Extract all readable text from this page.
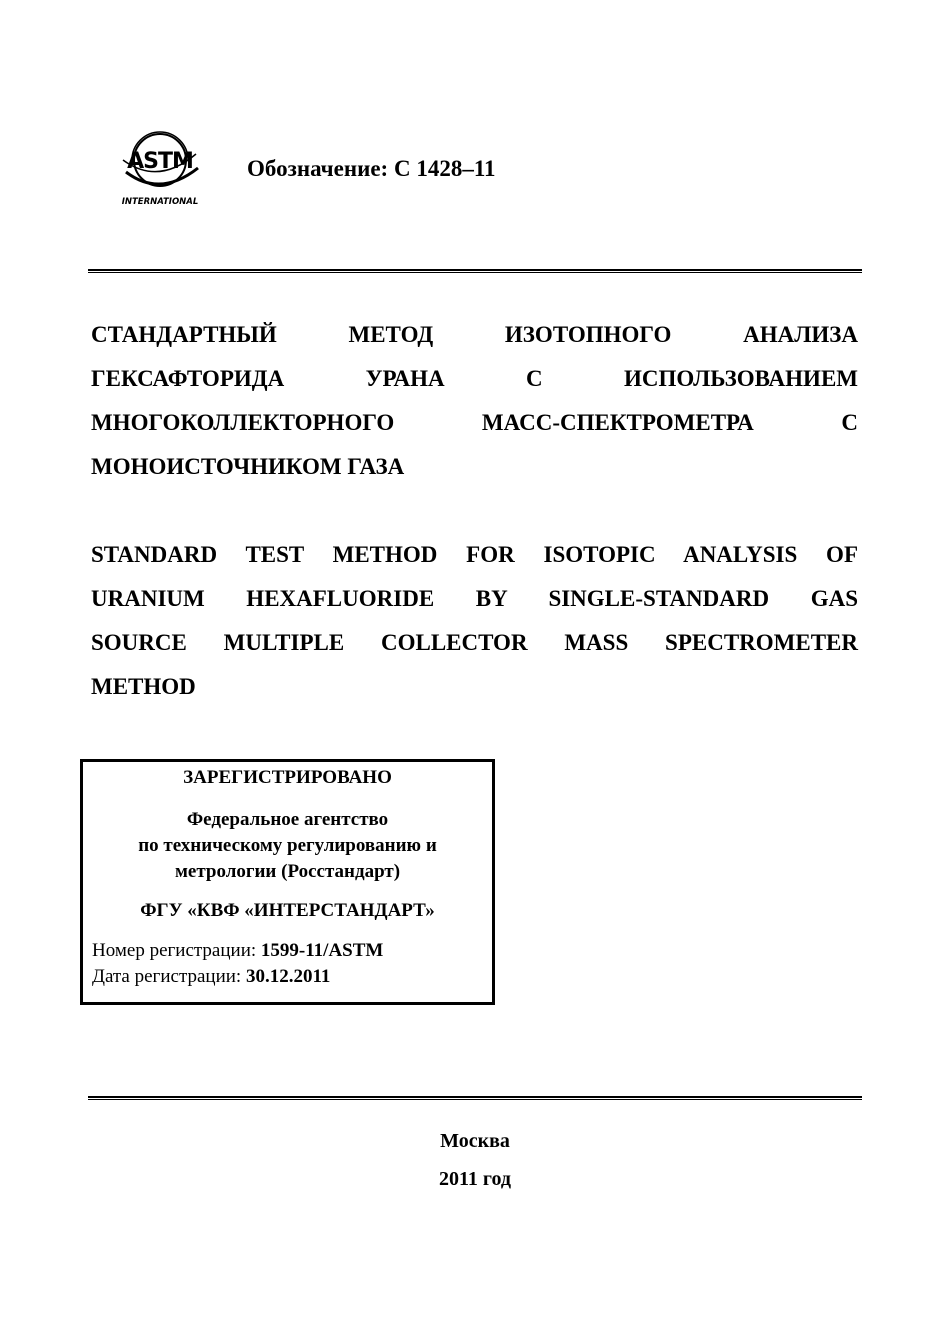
ASTM
INTERNATIONAL
Обозначение: C 1428–11
СТАНДАРТНЫЙ МЕТОД ИЗОТОПНОГО АНАЛИЗА
ГЕКСАФТОРИДА УРАНА С ИСПОЛЬЗОВАНИЕМ
МНОГОКОЛЛЕКТОРНОГО МАСС-СПЕКТРОМЕТРА С
МОНОИСТОЧНИКОМ ГАЗА
STANDARD TEST METHOD FOR ISOTOPIC ANALYSIS OF
URANIUM HEXAFLUORIDE BY SINGLE-STANDARD GAS
SOURCE MULTIPLE COLLECTOR MASS SPECTROMETER
METHOD
ЗАРЕГИСТРИРОВАНО
Федеральное агентство
по техническому регулированию и
метрологии (Росстандарт)
ФГУ «КВФ «ИНТЕРСТАНДАРТ»
Номер регистрации: 1599-11/ASTM
Дата регистрации: 30.12.2011
Москва
2011 год
